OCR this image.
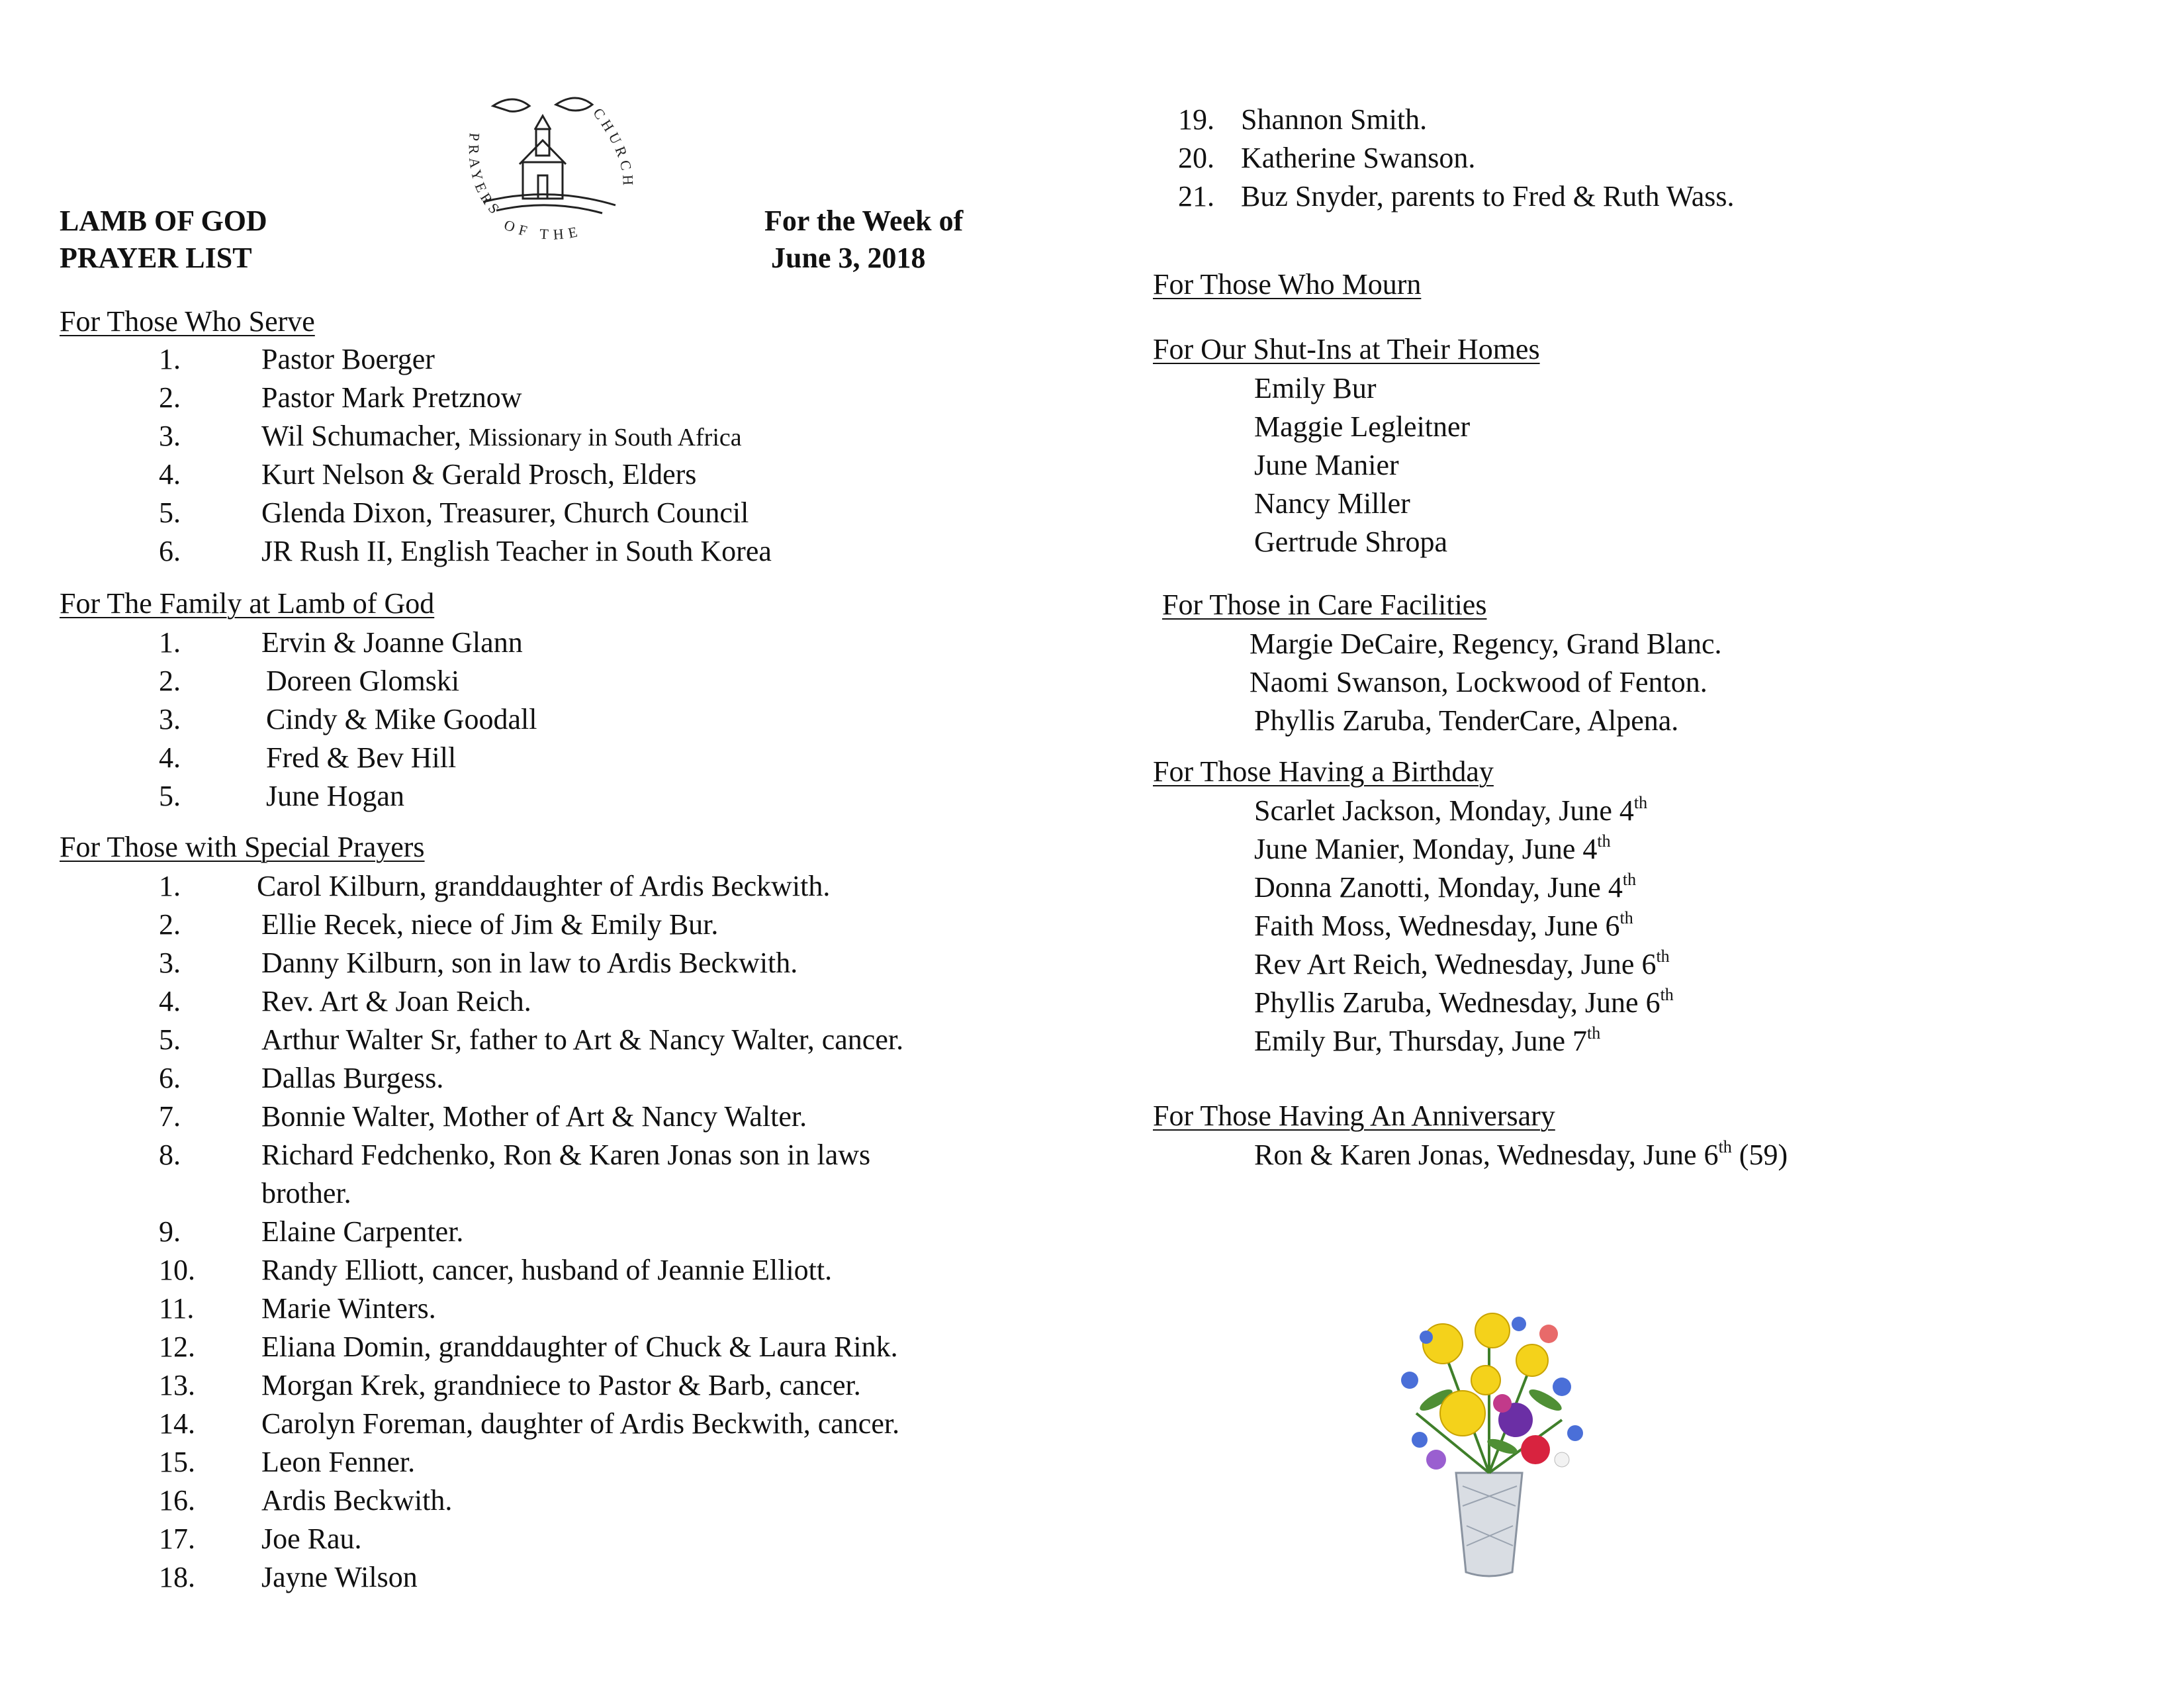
PRAYERS
OF THE
CHURCH
LAMB OF GOD
PRAYER LIST
For the Week of
June 3, 2018
For Those Who Serve
1.	Pastor Boerger
2.	Pastor Mark Pretznow
3.	Wil Schumacher, Missionary in South Africa
4.	Kurt Nelson & Gerald Prosch, Elders
5.	Glenda Dixon, Treasurer, Church Council
6.	JR Rush II, English Teacher in South Korea
For The Family at Lamb of God
1.	Ervin & Joanne Glann
2.	Doreen Glomski
3.	Cindy & Mike Goodall
4.	Fred & Bev Hill
5.	June Hogan
For Those with Special Prayers
1.	Carol Kilburn, granddaughter of Ardis Beckwith.
2.	Ellie Recek, niece of Jim & Emily Bur.
3.	Danny Kilburn, son in law to Ardis Beckwith.
4.	Rev. Art & Joan Reich.
5.	Arthur Walter Sr, father to Art & Nancy Walter, cancer.
6.	Dallas Burgess.
7.	Bonnie Walter, Mother of Art & Nancy Walter.
8.	Richard Fedchenko, Ron & Karen Jonas son in laws
brother.
9.	Elaine Carpenter.
10. Randy Elliott, cancer, husband of Jeannie Elliott.
11. Marie Winters.
12. Eliana Domin, granddaughter of Chuck & Laura Rink.
13. Morgan Krek, grandniece to Pastor & Barb, cancer.
14. Carolyn Foreman, daughter of Ardis Beckwith, cancer.
15. Leon Fenner.
16. Ardis Beckwith.
17. Joe Rau.
18. Jayne Wilson
19. Shannon Smith.
20. Katherine Swanson.
21. Buz Snyder, parents to Fred & Ruth Wass.
For Those Who Mourn
For Our Shut-Ins at Their Homes
Emily Bur
Maggie Legleitner
June Manier
Nancy Miller
Gertrude Shropa
For Those in Care Facilities
Margie DeCaire, Regency, Grand Blanc.
Naomi Swanson, Lockwood of Fenton.
Phyllis Zaruba, TenderCare, Alpena.
For Those Having a Birthday
Scarlet Jackson, Monday, June 4th
June Manier, Monday, June 4th
Donna Zanotti, Monday, June 4th
Faith Moss, Wednesday, June 6th
Rev Art Reich, Wednesday, June 6th
Phyllis Zaruba, Wednesday, June 6th
Emily Bur, Thursday, June 7th
For Those Having An Anniversary
Ron & Karen Jonas, Wednesday, June 6th (59)
